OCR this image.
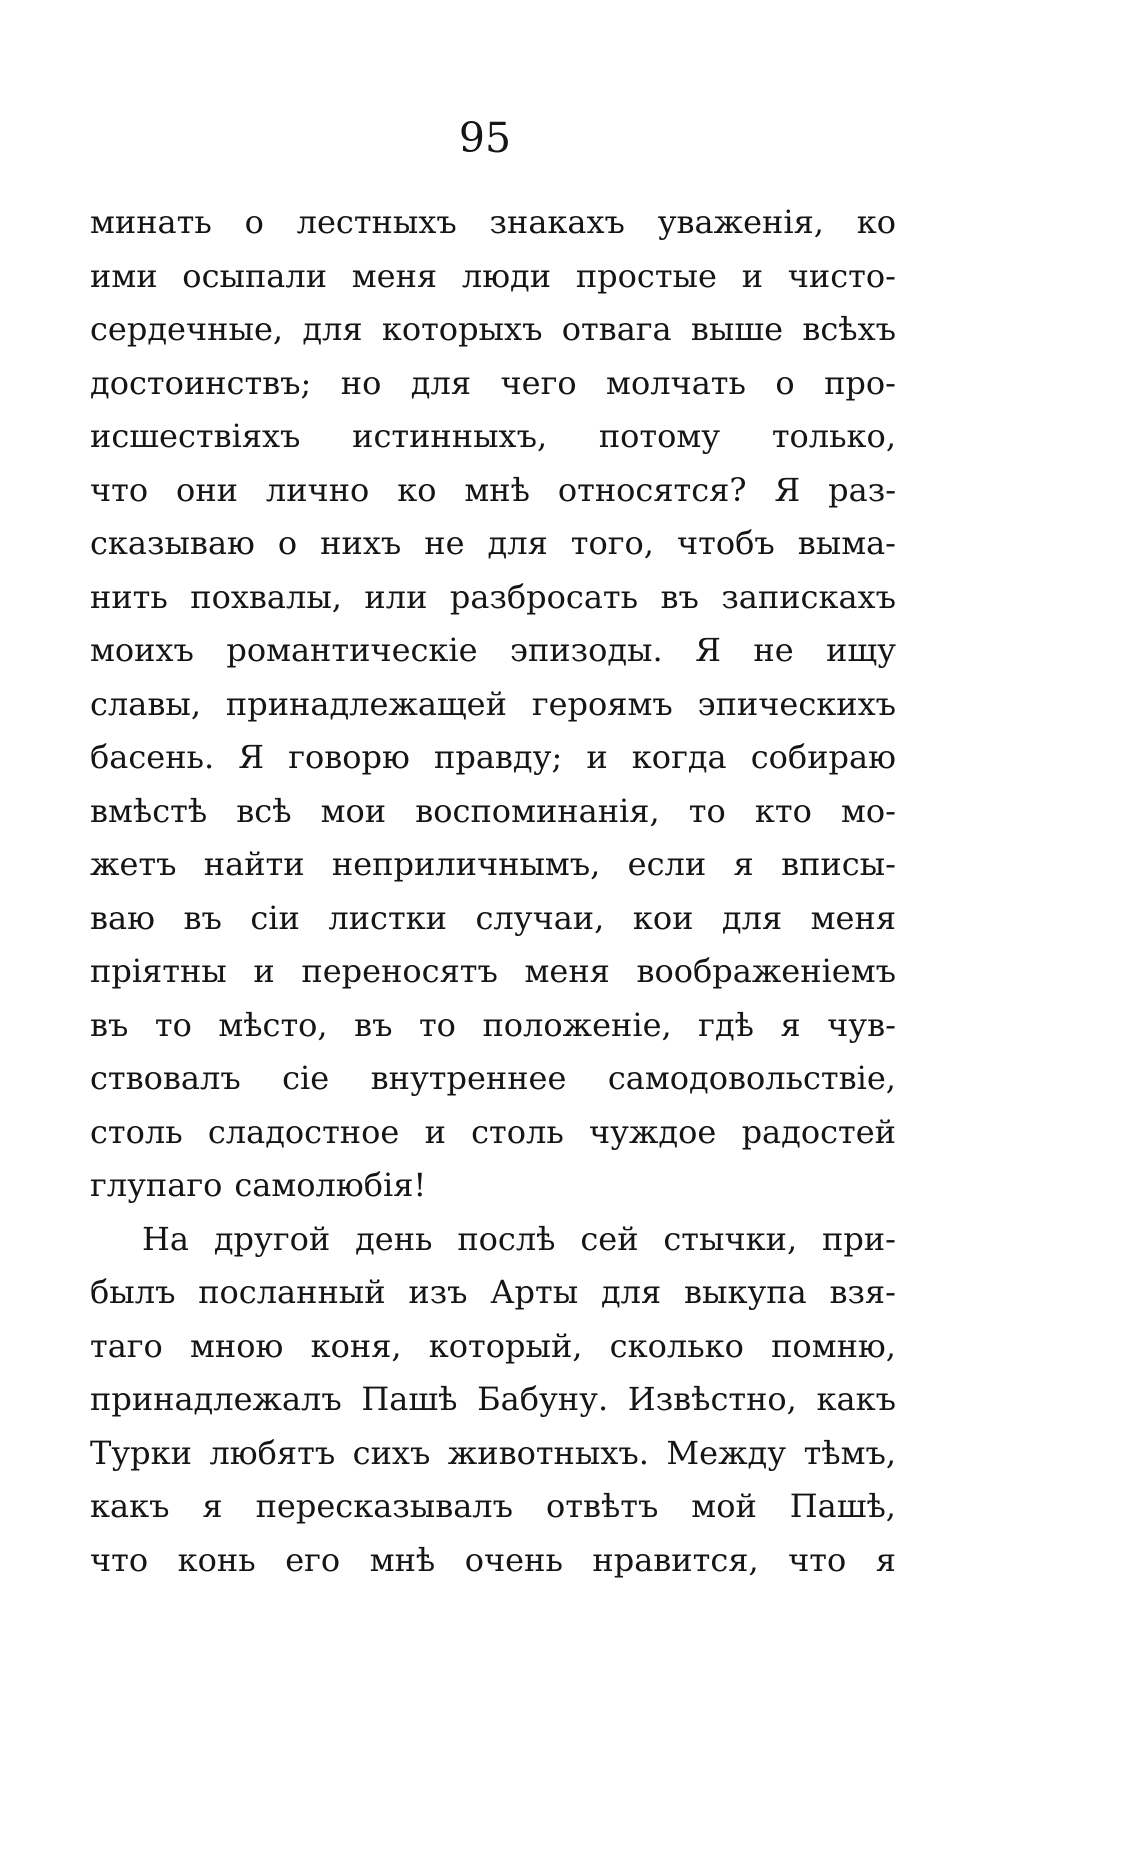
95
минать о лестныхъ знакахъ уваженія, ко
ими осыпали меня люди простые и чисто-
сердечные, для которыхъ отвага выше всѣхъ
достоинствъ; но для чего молчать о про-
исшествіяхъ истинныхъ, потому только,
что они лично ко мнѣ относятся? Я раз-
сказываю о нихъ не для того, чтобъ выма-
нить похвалы, или разбросать въ запискахъ
моихъ романтическіе эпизоды. Я не ищу
славы, принадлежащей героямъ эпическихъ
басень. Я говорю правду; и когда собираю
вмѣстѣ всѣ мои воспоминанія, то кто мо-
жетъ найти неприличнымъ, если я вписы-
ваю въ сіи листки случаи, кои для меня
пріятны и переносятъ меня воображеніемъ
въ то мѣсто, въ то положеніе, гдѣ я чув-
ствовалъ сіе внутреннее самодовольствіе,
столь сладостное и столь чуждое радостей
глупаго самолюбія!
На другой день послѣ сей стычки, при-
былъ посланный изъ Арты для выкупа взя-
таго мною коня, который, сколько помню,
принадлежалъ Пашѣ Бабуну. Извѣстно, какъ
Турки любятъ сихъ животныхъ. Между тѣмъ,
какъ я пересказывалъ отвѣтъ мой Пашѣ,
что конь его мнѣ очень нравится, что я
